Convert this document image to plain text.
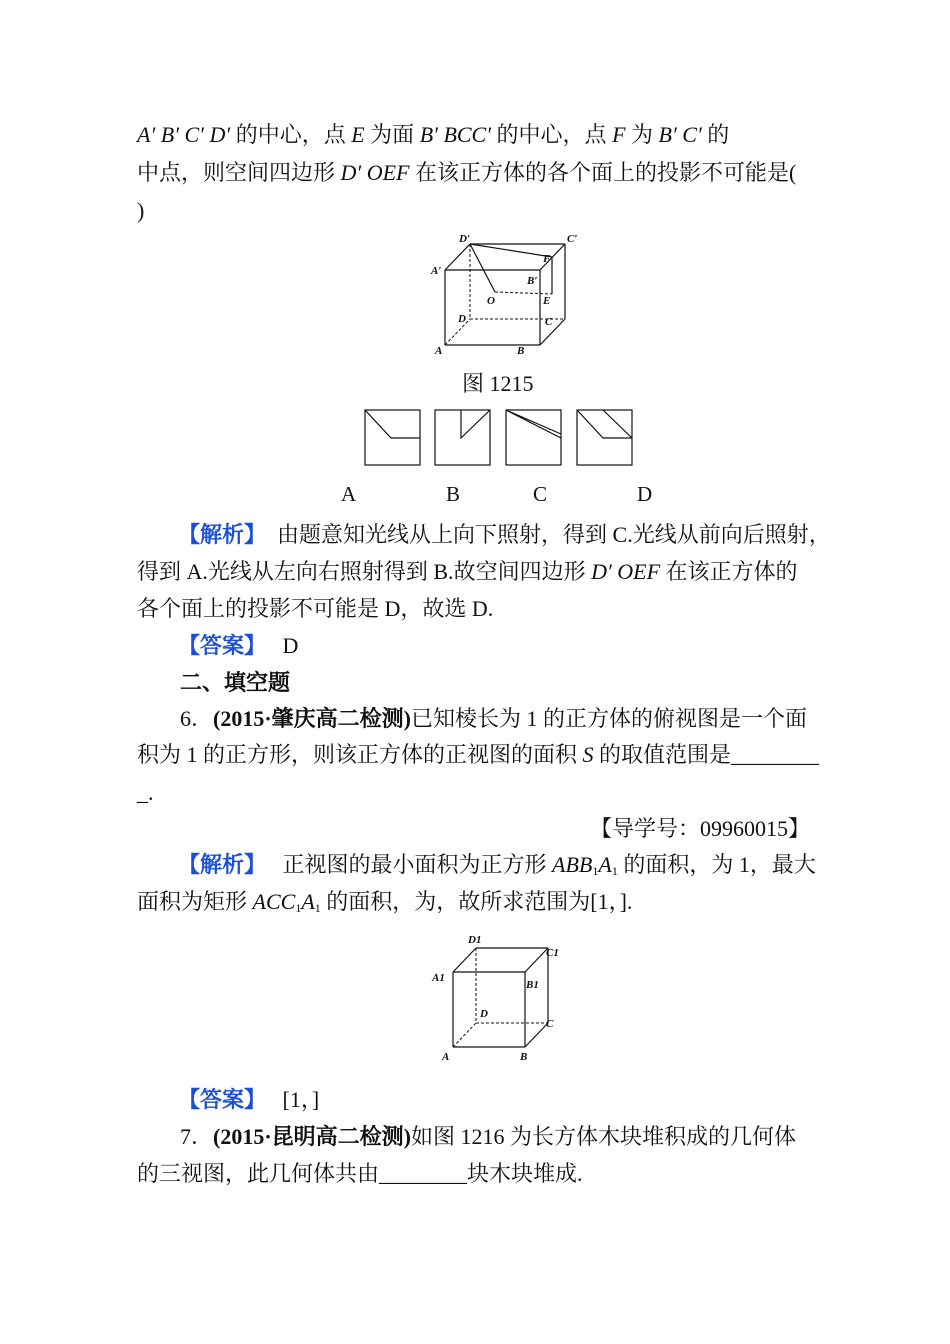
A′ B′ C′ D′ 的中心，点 E 为面 B′ BCC′ 的中心，点 F 为 B′ C′ 的
中点，则空间四边形 D′ OEF 在该正方体的各个面上的投影不可能是(
)
D′	C′
A′
F
B′
O	E
D	C
A	B
图 1215
A	B	C	D
【解析】 由题意知光线从上向下照射，得到 C.光线从前向后照射，
得到 A.光线从左向右照射得到 B.故空间四边形 D′ OEF 在该正方体的
各个面上的投影不可能是 D，故选 D.
【答案】 D
二、填空题
6．(2015·肇庆高二检测)已知棱长为 1 的正方体的俯视图是一个面
积为 1 的正方形，则该正方体的正视图的面积 S 的取值范围是________
_.
【导学号：09960015】
【解析】 正视图的最小面积为正方形 $ABB_1A_1$ 的面积，为 1，最大
面积为矩形 $ACC_1A_1$ 的面积，为，故所求范围为[1，].
D1
C1
A1
B1
D
C
A	B
【答案】 [1，]
7．(2015·昆明高二检测)如图 1216 为长方体木块堆积成的几何体
的三视图，此几何体共由________块木块堆成.
